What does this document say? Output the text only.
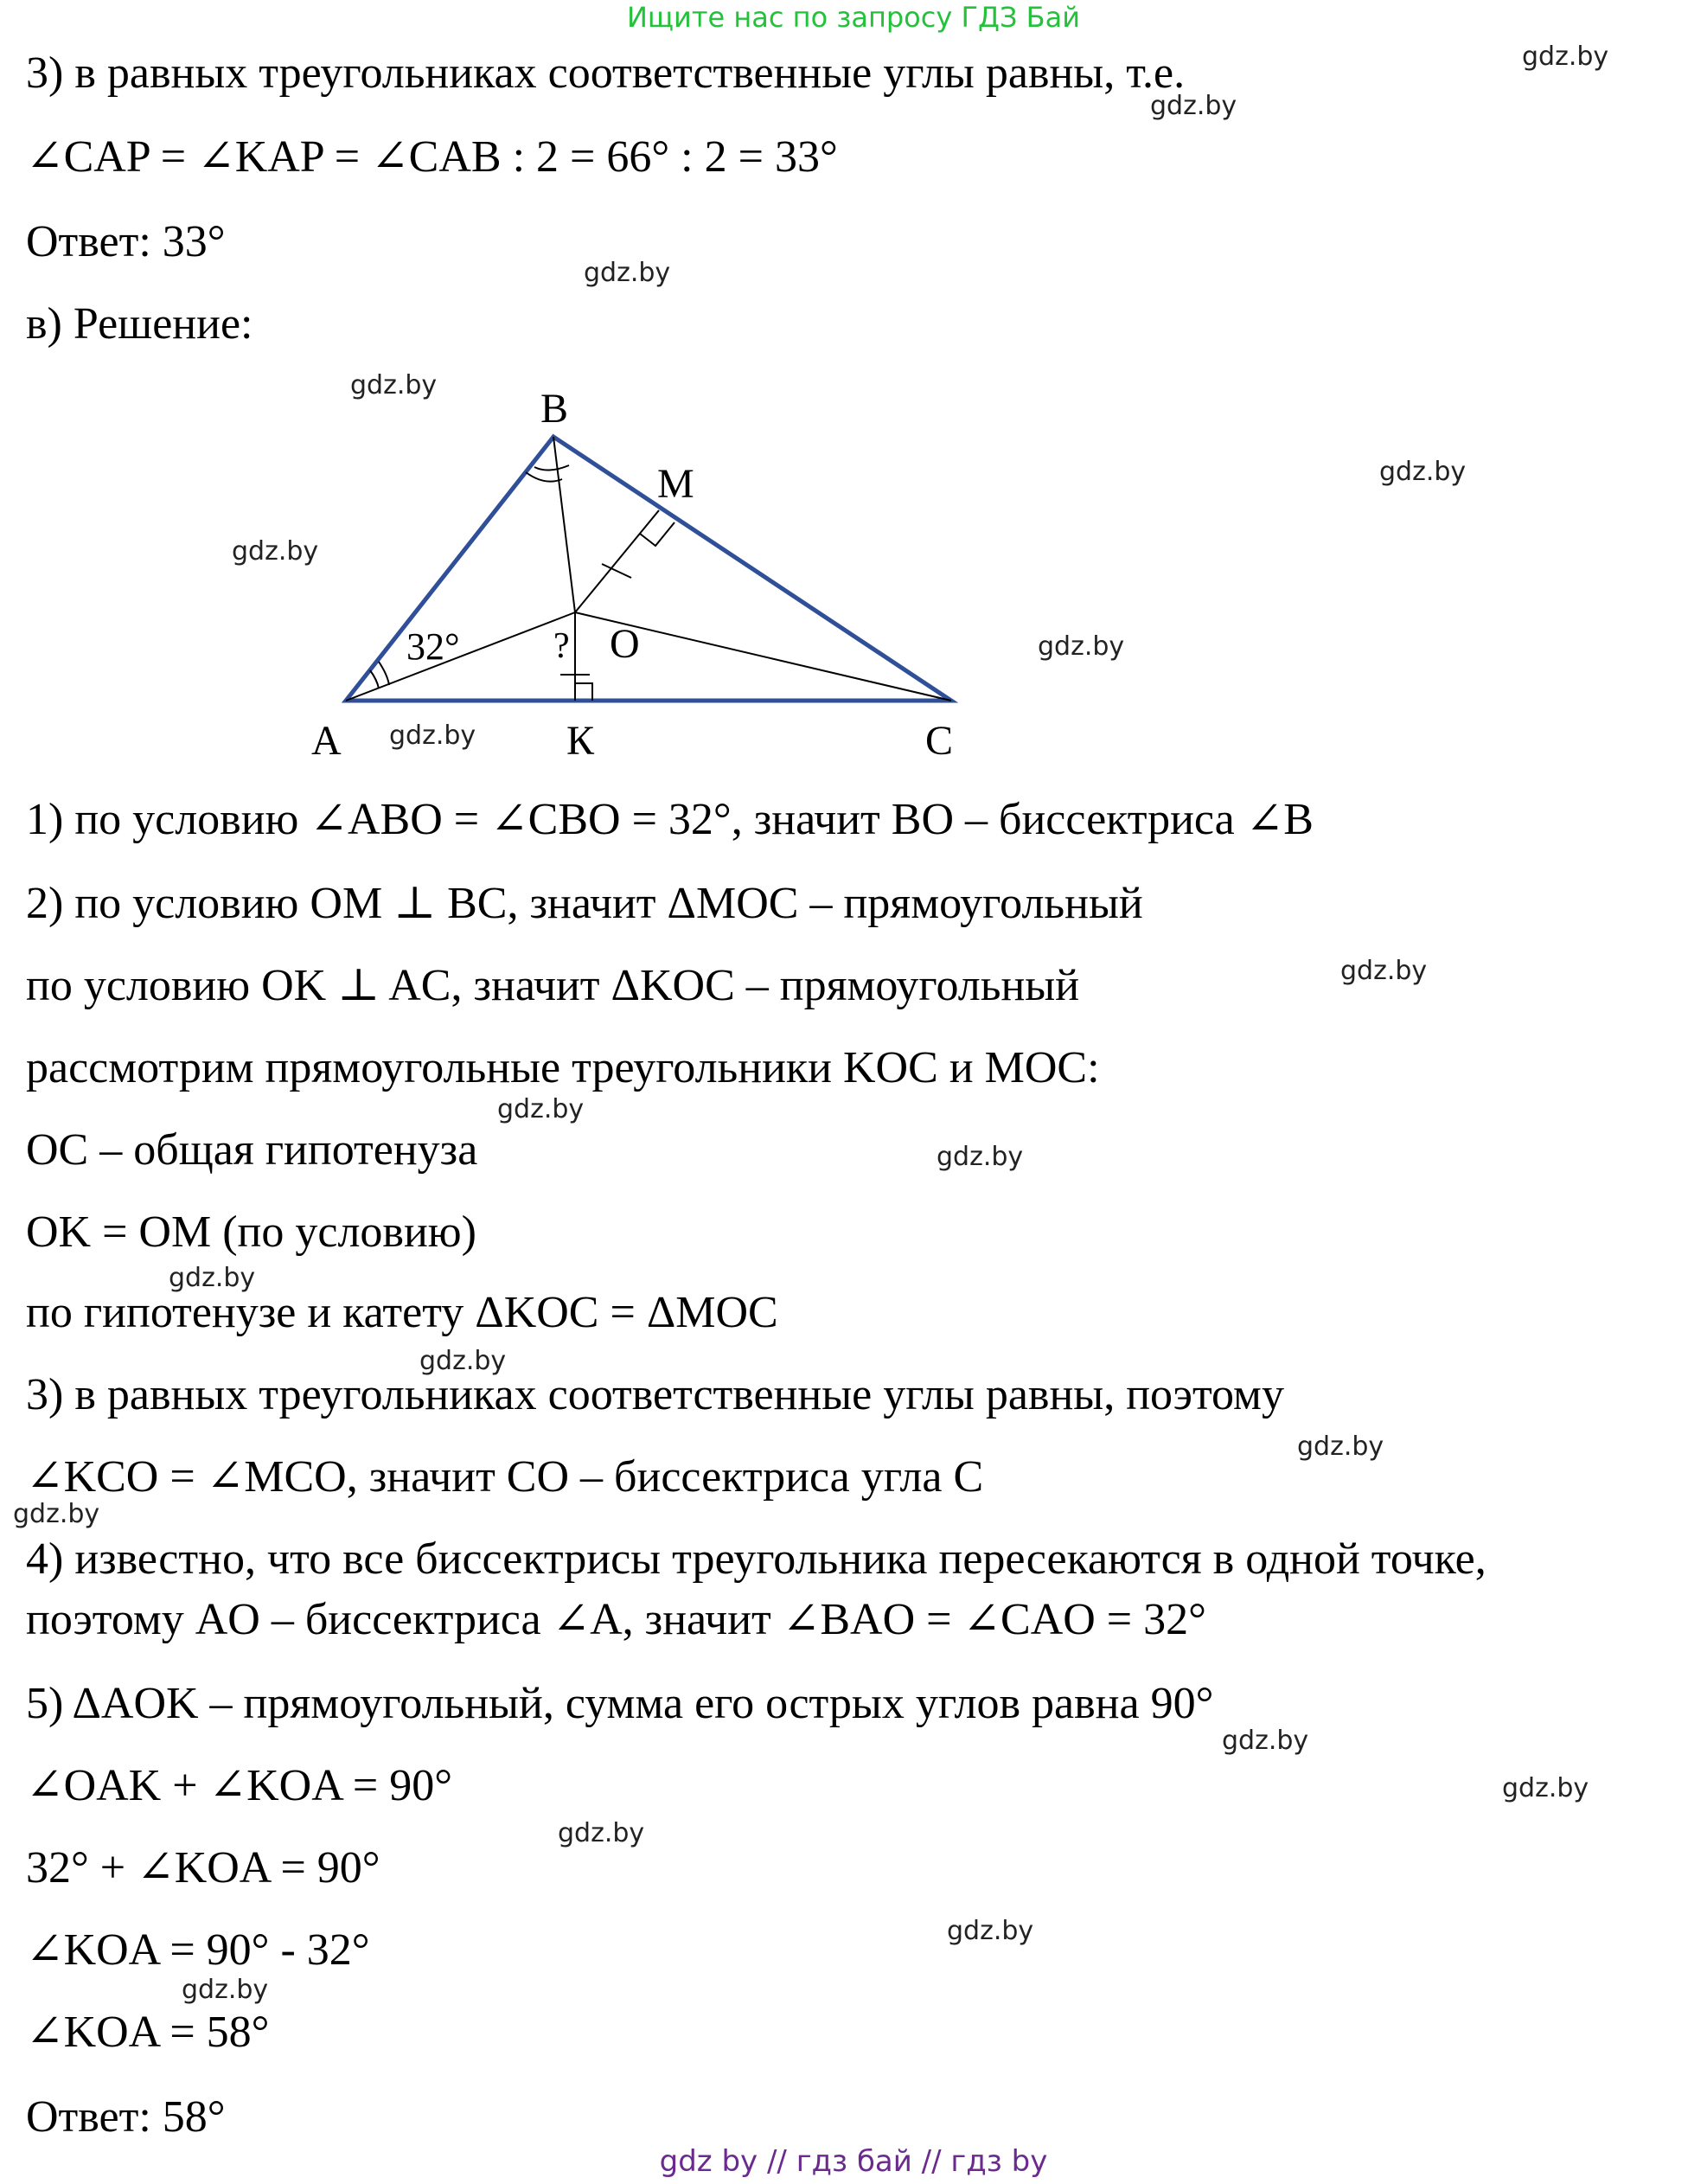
Ищите нас по запросу ГДЗ Бай
3) в равных треугольниках соответственные углы равны, т.е.
∠CAP = ∠KAP = ∠CAB : 2 = 66° : 2 = 33°
Ответ: 33°
в) Решение:
B
M
A	К	C
O
32°	?
1) по условию ∠ABO = ∠CBO = 32°, значит BO – биссектриса ∠B
2) по условию OM ⊥ BC, значит ΔMOC – прямоугольный
по условию OK ⊥ AC, значит ΔKOC – прямоугольный
рассмотрим прямоугольные треугольники KOC и MOC:
OC – общая гипотенуза
OK = OM (по условию)
по гипотенузе и катету ΔKOC = ΔMOC
3) в равных треугольниках соответственные углы равны, поэтому
∠KCO = ∠MCO, значит CO – биссектриса угла C
4) известно, что все биссектрисы треугольника пересекаются в одной точке,
поэтому AO – биссектриса ∠A, значит ∠BAO = ∠CAO = 32°
5) ΔAOK – прямоугольный, сумма его острых углов равна 90°
∠OAK + ∠KOA = 90°
32° + ∠KOA = 90°
∠KOA = 90° - 32°
∠KOA = 58°
Ответ: 58°
gdz.by
gdz.by
gdz.by
gdz.by
gdz.by
gdz.by
gdz.by
gdz.by
gdz.by
gdz.by
gdz.by
gdz.by
gdz.by
gdz.by
gdz.by
gdz.by
gdz.by
gdz.by
gdz.by
gdz.by
gdz by // гдз бай // гдз by
